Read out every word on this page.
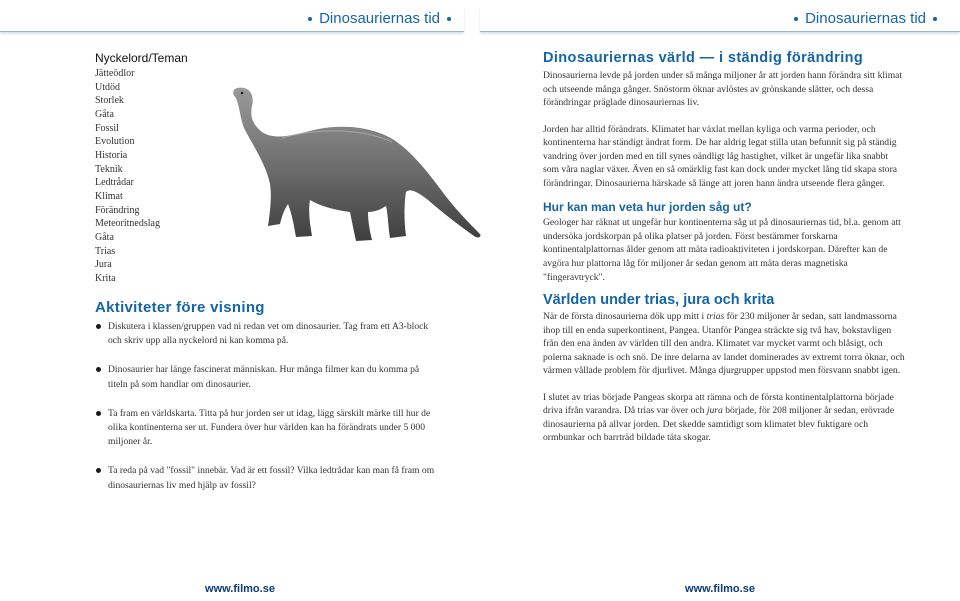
Dinosauriernas tid
Nyckelord/Teman
Jätteödlor
Utdöd
Storlek
Gåta
Fossil
Evolution
Historia
Teknik
Ledtrådar
Klimat
Förändring
Meteoritnedslag
Gåta
Trias
Jura
Krita
Aktiviteter före visning
Diskutera i klassen/gruppen vad ni redan vet om dinosaurier. Tag fram ett A3-block och skriv upp alla nyckelord ni kan komma på.
Dinosaurier har länge fascinerat människan. Hur många filmer kan du komma på titeln på som handlar om dinosaurier.
Ta fram en världskarta. Titta på hur jorden ser ut idag, lägg särskilt märke till hur de olika kontinenterna ser ut. Fundera över hur världen kan ha förändrats under 5 000 miljoner år.
Ta reda på vad "fossil" innebär. Vad är ett fossil? Vilka ledtrådar kan man få fram om dinosauriernas liv med hjälp av fossil?
www.filmo.se
Dinosauriernas tid
Dinosauriernas värld — i ständig förändring

Dinosaurierna levde på jorden under så många miljoner år att jorden hann förändra sitt klimat och utseende många gånger. Snöstorm öknar avlöstes av grönskande slätter, och dessa förändringar präglade dinosauriernas liv.

Jorden har alltid förändrats. Klimatet har växlat mellan kyliga och varma perioder, och kontinenterna har ständigt ändrat form. De har aldrig legat stilla utan befunnit sig på ständig vandring över jorden med en till synes oändligt låg hastighet, vilket är ungefär lika snabbt som våra naglar växer. Även en så omärklig fast kan dock under mycket lång tid skapa stora förändringar. Dinosaurierna härskade så länge att joren hann ändra utseende flera gånger.

Hur kan man veta hur jorden såg ut?

Geologer har räknat ut ungefär hur kontinenterna såg ut på dinosauriernas tid, bl.a. genom att undersöka jordskorpan på olika platser på jorden. Först bestämmer forskarna kontinentalplattornas ålder genom att mäta radioaktiviteten i jordskorpan. Därefter kan de avgöra hur plattorna låg för miljoner år sedan genom att mäta deras magnetiska "fingeravtryck".

Världen under trias, jura och krita

När de första dinosaurierna dök upp mitt i trias för 230 miljoner år sedan, satt landmassorna ihop till en enda superkontinent, Pangea. Utanför Pangea sträckte sig två hav, bokstavligen från den ena änden av världen till den andra. Klimatet var mycket varmt och blåsigt, och polerna saknade is och snö. De inre delarna av landet dominerades av extremt torra öknar, och värmen vållade problem för djurlivet. Många djurgrupper uppstod men försvann snabbt igen.

I slutet av trias började Pangeas skorpa att rämna och de första kontinentalplattorna började driva ifrån varandra. Då trias var över och jura började, för 208 miljoner år sedan, erövrade dinosaurierna på allvar jorden. Det skedde samtidigt som klimatet blev fuktigare och ormbunkar och barrträd bildade täta skogar.

www.filmo.se
